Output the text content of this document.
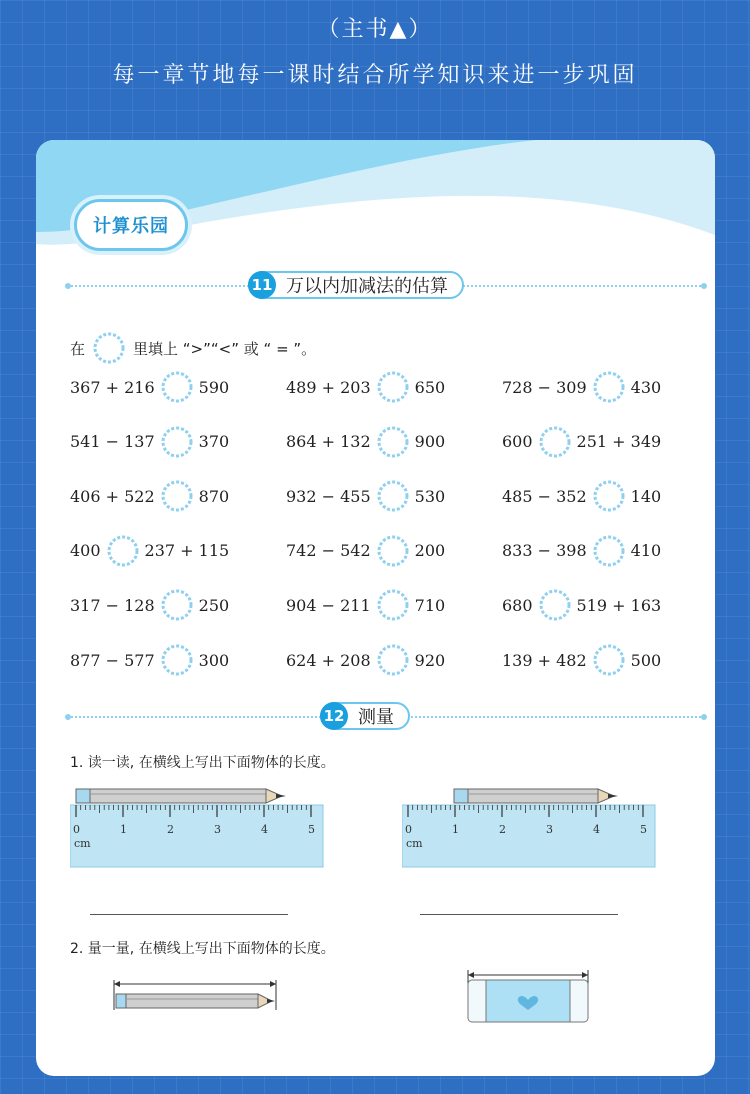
（主书▲）
每一章节地每一课时结合所学知识来进一步巩固
计算乐园
11 万以内加减法的估算
在	里填上 “>”“<” 或 “ = ”。
367 + 216	590	489 + 203	650	728 − 309	430
541 − 137	370	864 + 132	900	600	251 + 349
406 + 522	870	932 − 455	530	485 − 352	140
400	237 + 115	742 − 542	200	833 − 398	410
317 − 128	250	904 − 211	710	680	519 + 163
877 − 577	300	624 + 208	920	139 + 482	500
12 测量
1. 读一读, 在横线上写出下面物体的长度。
0	1	2	3	4	5
cm
0	1	2	3	4	5
cm
2. 量一量, 在横线上写出下面物体的长度。
